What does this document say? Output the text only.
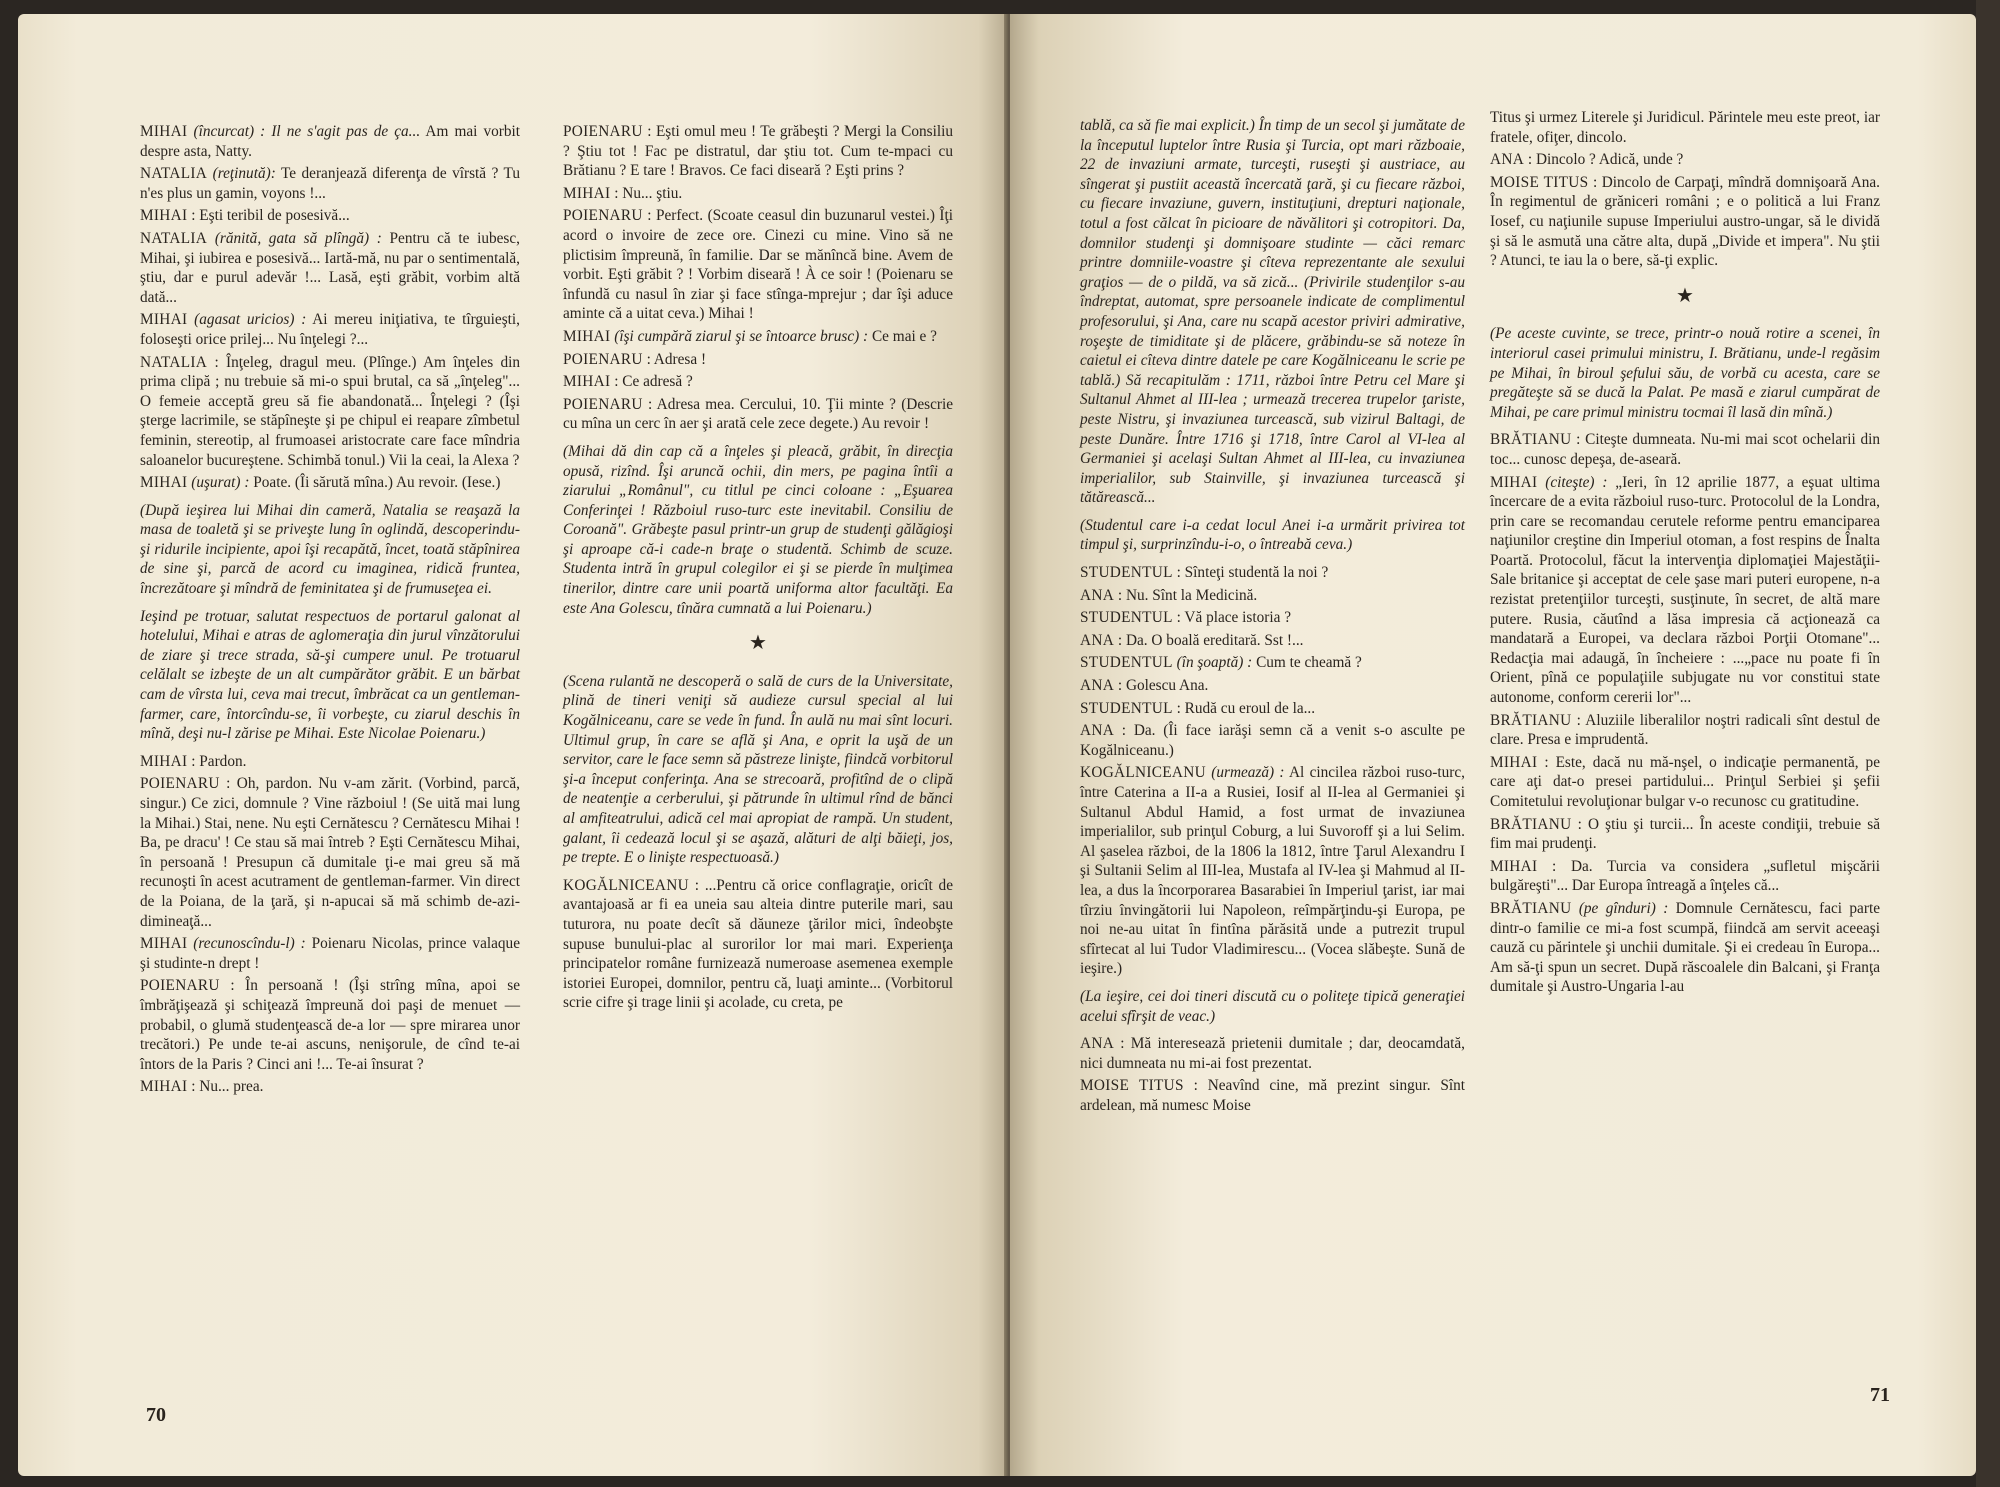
MIHAI (încurcat) : Il ne s'agit pas de ça... Am mai vorbit despre asta, Natty.

NATALIA (reţinută): Te deranjează diferenţa de vîrstă ? Tu n'es plus un gamin, voyons !...

MIHAI : Eşti teribil de posesivă...

NATALIA (rănită, gata să plîngă) : Pentru că te iubesc, Mihai, şi iubirea e posesivă... Iartă-mă, nu par o sentimentală, ştiu, dar e purul adevăr !... Lasă, eşti grăbit, vorbim altă dată...

MIHAI (agasat uricios) : Ai mereu iniţiativa, te tîrguieşti, foloseşti orice prilej... Nu înţelegi ?...

NATALIA : Înţeleg, dragul meu. (Plînge.) Am înţeles din prima clipă ; nu trebuie să mi-o spui brutal, ca să „înţeleg"... O femeie acceptă greu să fie abandonată... Înţelegi ? (Îşi şterge lacrimile, se stăpîneşte şi pe chipul ei reapare zîmbetul feminin, stereotip, al frumoasei aristocrate care face mîndria saloanelor bucureştene. Schimbă tonul.) Vii la ceai, la Alexa ?

MIHAI (uşurat) : Poate. (Îi sărută mîna.) Au revoir. (Iese.)

(După ieşirea lui Mihai din cameră, Natalia se reaşază la masa de toaletă şi se priveşte lung în oglindă, descoperindu-şi ridurile incipiente, apoi îşi recapătă, încet, toată stăpînirea de sine şi, parcă de acord cu imaginea, ridică fruntea, încrezătoare şi mîndră de feminitatea şi de frumuseţea ei.

Ieşind pe trotuar, salutat respectuos de portarul galonat al hotelului, Mihai e atras de aglomeraţia din jurul vînzătorului de ziare şi trece strada, să-şi cumpere unul. Pe trotuarul celălalt se izbeşte de un alt cumpărător grăbit. E un bărbat cam de vîrsta lui, ceva mai trecut, îmbrăcat ca un gentleman-farmer, care, întorcîndu-se, îi vorbeşte, cu ziarul deschis în mînă, deşi nu-l zărise pe Mihai. Este Nicolae Poienaru.)

MIHAI : Pardon.

POIENARU : Oh, pardon. Nu v-am zărit. (Vorbind, parcă, singur.) Ce zici, domnule ? Vine războiul ! (Se uită mai lung la Mihai.) Stai, nene. Nu eşti Cernătescu ? Cernătescu Mihai ! Ba, pe dracu' ! Ce stau să mai întreb ? Eşti Cernătescu Mihai, în persoană ! Presupun că dumitale ţi-e mai greu să mă recunoşti în acest acutrament de gentleman-farmer. Vin direct de la Poiana, de la ţară, şi n-apucai să mă schimb de-azi-dimineaţă...

MIHAI (recunoscîndu-l) : Poienaru Nicolas, prince valaque şi studinte-n drept !

POIENARU : În persoană ! (Îşi strîng mîna, apoi se îmbrăţişează şi schiţează împreună doi paşi de menuet — probabil, o glumă studenţească de-a lor — spre mirarea unor trecători.) Pe unde te-ai ascuns, nenişorule, de cînd te-ai întors de la Paris ? Cinci ani !... Te-ai însurat ?

MIHAI : Nu... prea.

POIENARU : Eşti omul meu ! Te grăbeşti ? Mergi la Consiliu ? Ştiu tot ! Fac pe distratul, dar ştiu tot. Cum te-mpaci cu Brătianu ? E tare ! Bravos. Ce faci diseară ? Eşti prins ?

MIHAI : Nu... ştiu.

POIENARU : Perfect. (Scoate ceasul din buzunarul vestei.) Îţi acord o invoire de zece ore. Cinezi cu mine. Vino să ne plictisim împreună, în familie. Dar se mănîncă bine. Avem de vorbit. Eşti grăbit ? ! Vorbim diseară ! À ce soir ! (Poienaru se înfundă cu nasul în ziar şi face stînga-mprejur ; dar îşi aduce aminte că a uitat ceva.) Mihai !

MIHAI (îşi cumpără ziarul şi se întoarce brusc) : Ce mai e ?

POIENARU : Adresa !

MIHAI : Ce adresă ?

POIENARU : Adresa mea. Cercului, 10. Ţii minte ? (Descrie cu mîna un cerc în aer şi arată cele zece degete.) Au revoir !

(Mihai dă din cap că a înţeles şi pleacă, grăbit, în direcţia opusă, rizînd. Îşi aruncă ochii, din mers, pe pagina întîi a ziarului „Românul", cu titlul pe cinci coloane : „Eşuarea Conferinţei ! Războiul ruso-turc este inevitabil. Consiliu de Coroană". Grăbeşte pasul printr-un grup de studenţi gălăgioşi şi aproape că-i cade-n braţe o studentă. Schimb de scuze. Studenta intră în grupul colegilor ei şi se pierde în mulţimea tinerilor, dintre care unii poartă uniforma altor facultăţi. Ea este Ana Golescu, tînăra cumnată a lui Poienaru.)

★

(Scena rulantă ne descoperă o sală de curs de la Universitate, plină de tineri veniţi să audieze cursul special al lui Kogălniceanu, care se vede în fund. În aulă nu mai sînt locuri. Ultimul grup, în care se află şi Ana, e oprit la uşă de un servitor, care le face semn să păstreze linişte, fiindcă vorbitorul şi-a început conferinţa. Ana se strecoară, profitînd de o clipă de neatenţie a cerberului, şi pătrunde în ultimul rînd de bănci al amfiteatrului, adică cel mai apropiat de rampă. Un student, galant, îi cedează locul şi se aşază, alături de alţi băieţi, jos, pe trepte. E o linişte respectuoasă.)

KOGĂLNICEANU : ...Pentru că orice conflagraţie, oricît de avantajoasă ar fi ea uneia sau alteia dintre puterile mari, sau tuturora, nu poate decît să dăuneze ţărilor mici, îndeobşte supuse bunului-plac al surorilor lor mai mari. Experienţa principatelor române furnizează numeroase asemenea exemple istoriei Europei, domnilor, pentru că, luaţi aminte... (Vorbitorul scrie cifre şi trage linii şi acolade, cu creta, pe

70

tablă, ca să fie mai explicit.) În timp de un secol şi jumătate de la începutul luptelor între Rusia şi Turcia, opt mari războaie, 22 de invaziuni armate, turceşti, ruseşti şi austriace, au sîngerat şi pustiit această încercată ţară, şi cu fiecare război, cu fiecare invaziune, guvern, instituţiuni, drepturi naţionale, totul a fost călcat în picioare de năvălitori şi cotropitori. Da, domnilor studenţi şi domnişoare studinte — căci remarc printre domniile-voastre şi cîteva reprezentante ale sexului graţios — de o pildă, va să zică... (Privirile studenţilor s-au îndreptat, automat, spre persoanele indicate de complimentul profesorului, şi Ana, care nu scapă acestor priviri admirative, roşeşte de timiditate şi de plăcere, grăbindu-se să noteze în caietul ei cîteva dintre datele pe care Kogălniceanu le scrie pe tablă.) Să recapitulăm : 1711, război între Petru cel Mare şi Sultanul Ahmet al III-lea ; urmează trecerea trupelor ţariste, peste Nistru, şi invaziunea turcească, sub vizirul Baltagi, de peste Dunăre. Între 1716 şi 1718, între Carol al VI-lea al Germaniei şi acelaşi Sultan Ahmet al III-lea, cu invaziunea imperialilor, sub Stainville, şi invaziunea turcească şi tătărească...

(Studentul care i-a cedat locul Anei i-a urmărit privirea tot timpul şi, surprinzîndu-i-o, o întreabă ceva.)

STUDENTUL : Sînteţi studentă la noi ?

ANA : Nu. Sînt la Medicină.

STUDENTUL : Vă place istoria ?

ANA : Da. O boală ereditară. Sst !...

STUDENTUL (în şoaptă) : Cum te cheamă ?

ANA : Golescu Ana.

STUDENTUL : Rudă cu eroul de la...

ANA : Da. (Îi face iarăşi semn că a venit s-o asculte pe Kogălniceanu.)

KOGĂLNICEANU (urmează) : Al cincilea război ruso-turc, între Caterina a II-a a Rusiei, Iosif al II-lea al Germaniei şi Sultanul Abdul Hamid, a fost urmat de invaziunea imperialilor, sub prinţul Coburg, a lui Suvoroff şi a lui Selim. Al şaselea război, de la 1806 la 1812, între Ţarul Alexandru I şi Sultanii Selim al III-lea, Mustafa al IV-lea şi Mahmud al II-lea, a dus la încorporarea Basarabiei în Imperiul ţarist, iar mai tîrziu învingătorii lui Napoleon, reîmpărţindu-şi Europa, pe noi ne-au uitat în fintîna părăsită unde a putrezit trupul sfîrtecat al lui Tudor Vladimirescu... (Vocea slăbeşte. Sună de ieşire.)

(La ieşire, cei doi tineri discută cu o politeţe tipică generaţiei acelui sfîrşit de veac.)

ANA : Mă interesează prietenii dumitale ; dar, deocamdată, nici dumneata nu mi-ai fost prezentat.

MOISE TITUS : Neavînd cine, mă prezint singur. Sînt ardelean, mă numesc Moise

Titus şi urmez Literele şi Juridicul. Părintele meu este preot, iar fratele, ofiţer, dincolo.

ANA : Dincolo ? Adică, unde ?

MOISE TITUS : Dincolo de Carpaţi, mîndră domnişoară Ana. În regimentul de grăniceri români ; e o politică a lui Franz Iosef, cu naţiunile supuse Imperiului austro-ungar, să le dividă şi să le asmută una către alta, după „Divide et impera". Nu ştii ? Atunci, te iau la o bere, să-ţi explic.

★

(Pe aceste cuvinte, se trece, printr-o nouă rotire a scenei, în interiorul casei primului ministru, I. Brătianu, unde-l regăsim pe Mihai, în biroul şefului său, de vorbă cu acesta, care se pregăteşte să se ducă la Palat. Pe masă e ziarul cumpărat de Mihai, pe care primul ministru tocmai îl lasă din mînă.)

BRĂTIANU : Citeşte dumneata. Nu-mi mai scot ochelarii din toc... cunosc depeşa, de-aseară.

MIHAI (citeşte) : „Ieri, în 12 aprilie 1877, a eşuat ultima încercare de a evita războiul ruso-turc. Protocolul de la Londra, prin care se recomandau cerutele reforme pentru emanciparea naţiunilor creştine din Imperiul otoman, a fost respins de Înalta Poartă. Protocolul, făcut la intervenţia diplomaţiei Majestăţii-Sale britanice şi acceptat de cele şase mari puteri europene, n-a rezistat pretenţiilor turceşti, susţinute, în secret, de altă mare putere. Rusia, căutînd a lăsa impresia că acţionează ca mandatară a Europei, va declara război Porţii Otomane"... Redacţia mai adaugă, în încheiere : ...„pace nu poate fi în Orient, pînă ce populaţiile subjugate nu vor constitui state autonome, conform cererii lor"...

BRĂTIANU : Aluziile liberalilor noştri radicali sînt destul de clare. Presa e imprudentă.

MIHAI : Este, dacă nu mă-nşel, o indicaţie permanentă, pe care aţi dat-o presei partidului... Prinţul Serbiei şi şefii Comitetului revoluţionar bulgar v-o recunosc cu gratitudine.

BRĂTIANU : O ştiu şi turcii... În aceste condiţii, trebuie să fim mai prudenţi.

MIHAI : Da. Turcia va considera „sufletul mişcării bulgăreşti"... Dar Europa întreagă a înţeles că...

BRĂTIANU (pe gînduri) : Domnule Cernătescu, faci parte dintr-o familie ce mi-a fost scumpă, fiindcă am servit aceeaşi cauză cu părintele şi unchii dumitale. Şi ei credeau în Europa... Am să-ţi spun un secret. După răscoalele din Balcani, şi Franţa dumitale şi Austro-Ungaria l-au

71
